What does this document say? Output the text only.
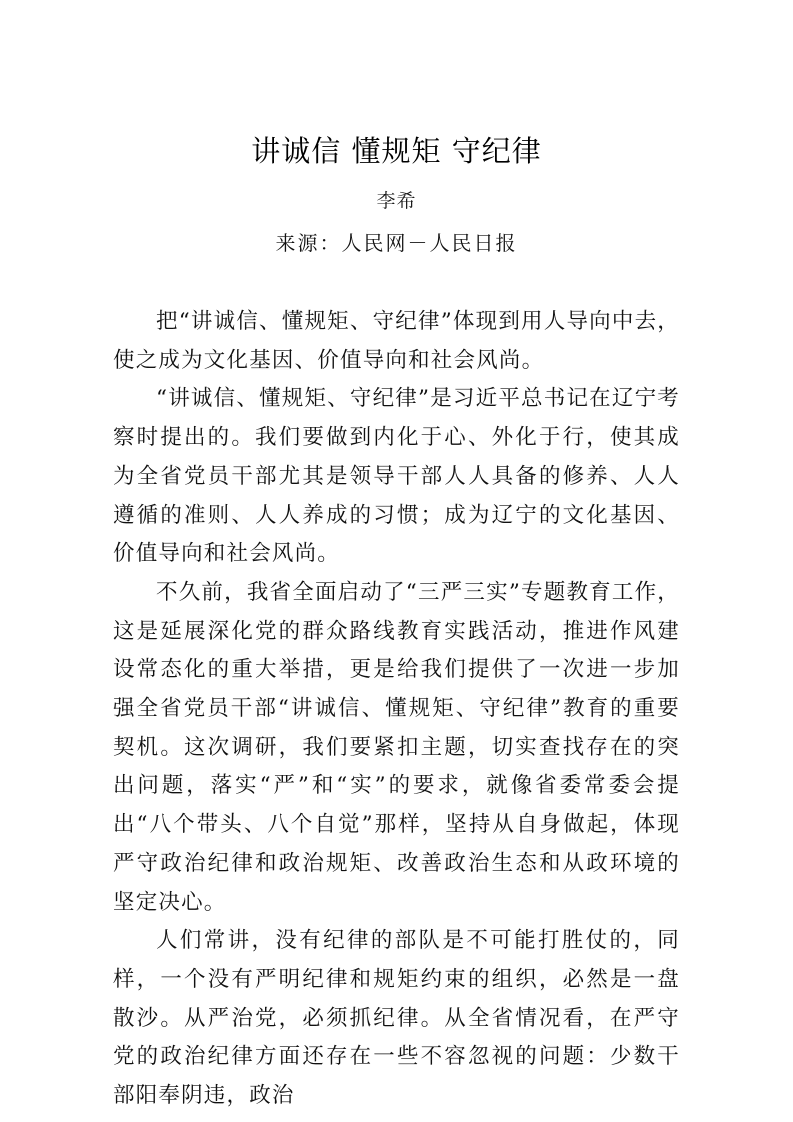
讲诚信 懂规矩 守纪律

李希

来源：人民网－人民日报

把“讲诚信、懂规矩、守纪律”体现到用人导向中去，使之成为文化基因、价值导向和社会风尚。

“讲诚信、懂规矩、守纪律”是习近平总书记在辽宁考察时提出的。我们要做到内化于心、外化于行，使其成为全省党员干部尤其是领导干部人人具备的修养、人人遵循的准则、人人养成的习惯；成为辽宁的文化基因、价值导向和社会风尚。

不久前，我省全面启动了“三严三实”专题教育工作，这是延展深化党的群众路线教育实践活动，推进作风建设常态化的重大举措，更是给我们提供了一次进一步加强全省党员干部“讲诚信、懂规矩、守纪律”教育的重要契机。这次调研，我们要紧扣主题，切实查找存在的突出问题，落实“严”和“实”的要求，就像省委常委会提出“八个带头、八个自觉”那样，坚持从自身做起，体现严守政治纪律和政治规矩、改善政治生态和从政环境的坚定决心。

人们常讲，没有纪律的部队是不可能打胜仗的，同样，一个没有严明纪律和规矩约束的组织，必然是一盘散沙。从严治党，必须抓纪律。从全省情况看，在严守党的政治纪律方面还存在一些不容忽视的问题：少数干部阳奉阴违，政治
